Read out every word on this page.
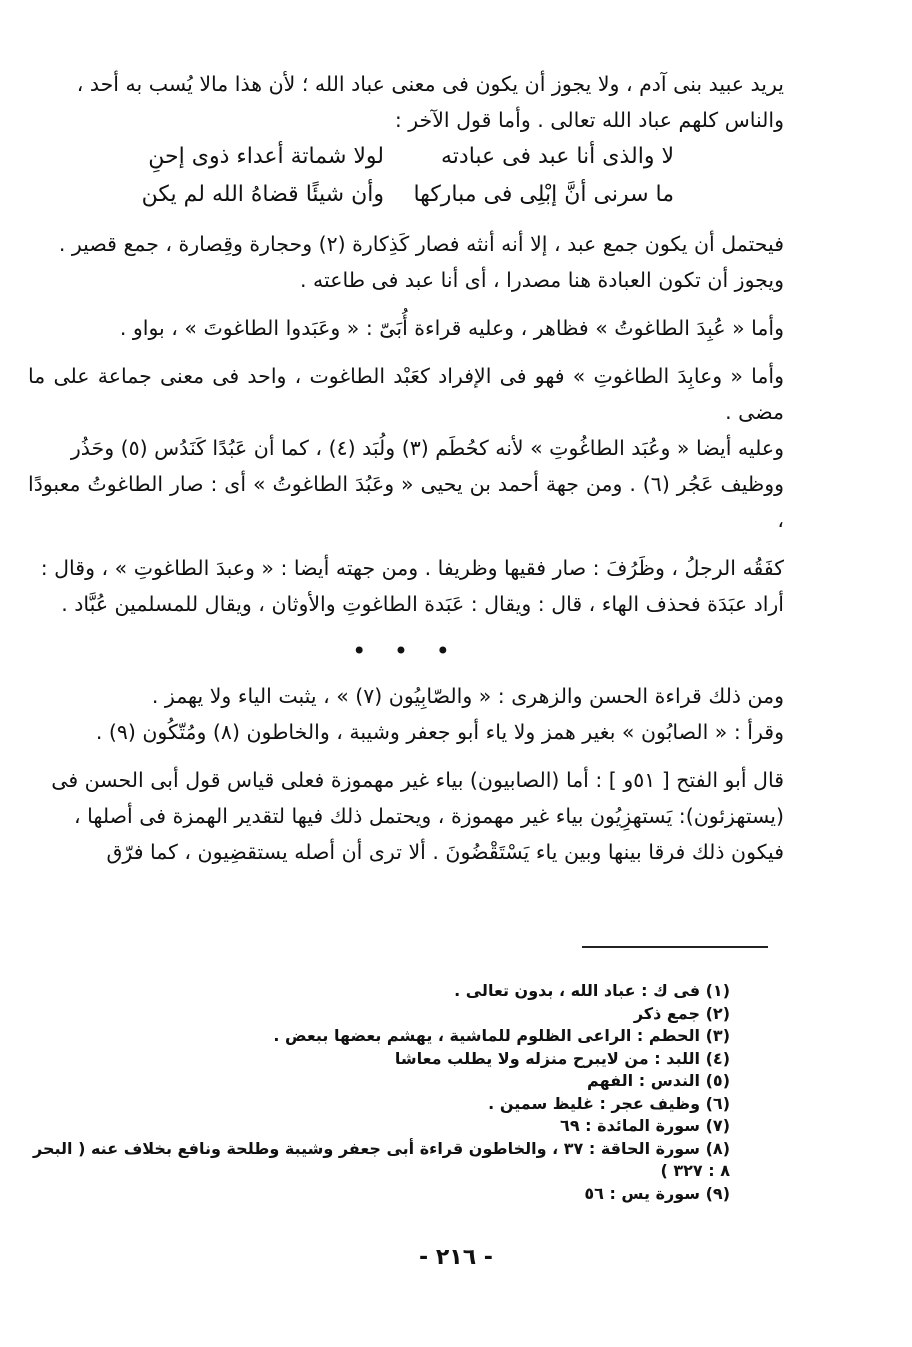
يريد عبيد بنى آدم ، ولا يجوز أن يكون فى معنى عباد الله ؛ لأن هذا مالا يُسب به أحد ،

والناس كلهم عباد الله تعالى . وأما قول الآخر :

لا والذى أنا عبد فى عبادته
لولا شماتة أعداء ذوى إحنِ
ما سرنى أنَّ إبْلِى فى مباركها
وأن شيئًا قضاهُ الله لم يكن

فيحتمل أن يكون جمع عبد ، إلا أنه أنثه فصار كَذِكارة (٢) وحجارة وقِصارة ، جمع قصير .

ويجوز أن تكون العبادة هنا مصدرا ، أى أنا عبد فى طاعته .

وأما « عُبِدَ الطاغوتُ » فظاهر ، وعليه قراءة أُبَىّ : « وعَبَدوا الطاغوتَ » ، بواو .

وأما « وعابِدَ الطاغوتِ » فهو فى الإفراد كعَبْد الطاغوت ، واحد فى معنى جماعة على ما مضى .

وعليه أيضا « وعُبَد الطاغُوتِ » لأنه كحُطَم (٣) ولُبَد (٤) ، كما أن عَبُدًا كَنَدُس (٥) وحَذُر

ووظيف عَجُر (٦) . ومن جهة أحمد بن يحيى « وعَبُدَ الطاغوتُ » أى : صار الطاغوتُ معبودًا ،

كفَقُه الرجلُ ، وظَرُفَ : صار فقيها وظريفا . ومن جهته أيضا : « وعبدَ الطاغوتِ » ، وقال :

أراد عبَدَة فحذف الهاء ، قال : ويقال : عَبَدة الطاغوتِ والأوثان ، ويقال للمسلمين عُبَّاد .

• • •

ومن ذلك قراءة الحسن والزهرى : « والصّابِيُون (٧) » ، يثبت الياء ولا يهمز .

وقرأ : « الصابُون » بغير همز ولا ياء أبو جعفر وشيبة ، والخاطون (٨) ومُتّكُون (٩) .

قال أبو الفتح [ ٥١و ] : أما (الصابيون) بياء غير مهموزة فعلى قياس قول أبى الحسن فى

(يستهزئون): يَستهزِيُون بياء غير مهموزة ، ويحتمل ذلك فيها لتقدير الهمزة فى أصلها ،

فيكون ذلك فرقا بينها وبين ياء يَسْتَقْضُونَ . ألا ترى أن أصله يستقضِيون ، كما فرّق

(١) فى ك : عباد الله ، بدون تعالى .
(٢) جمع ذكر
(٣) الحطم : الراعى الظلوم للماشية ، يهشم بعضها ببعض .
(٤) اللبد : من لايبرح منزله ولا يطلب معاشا
(٥) الندس : الفهم
(٦) وظيف عجر : غليظ سمين .
(٧) سورة المائدة : ٦٩
(٨) سورة الحاقة : ٣٧ ، والخاطون قراءة أبى جعفر وشيبة وطلحة ونافع بخلاف عنه ( البحر
٨ : ٣٢٧ )
(٩) سورة يس : ٥٦
- ٢١٦ -
